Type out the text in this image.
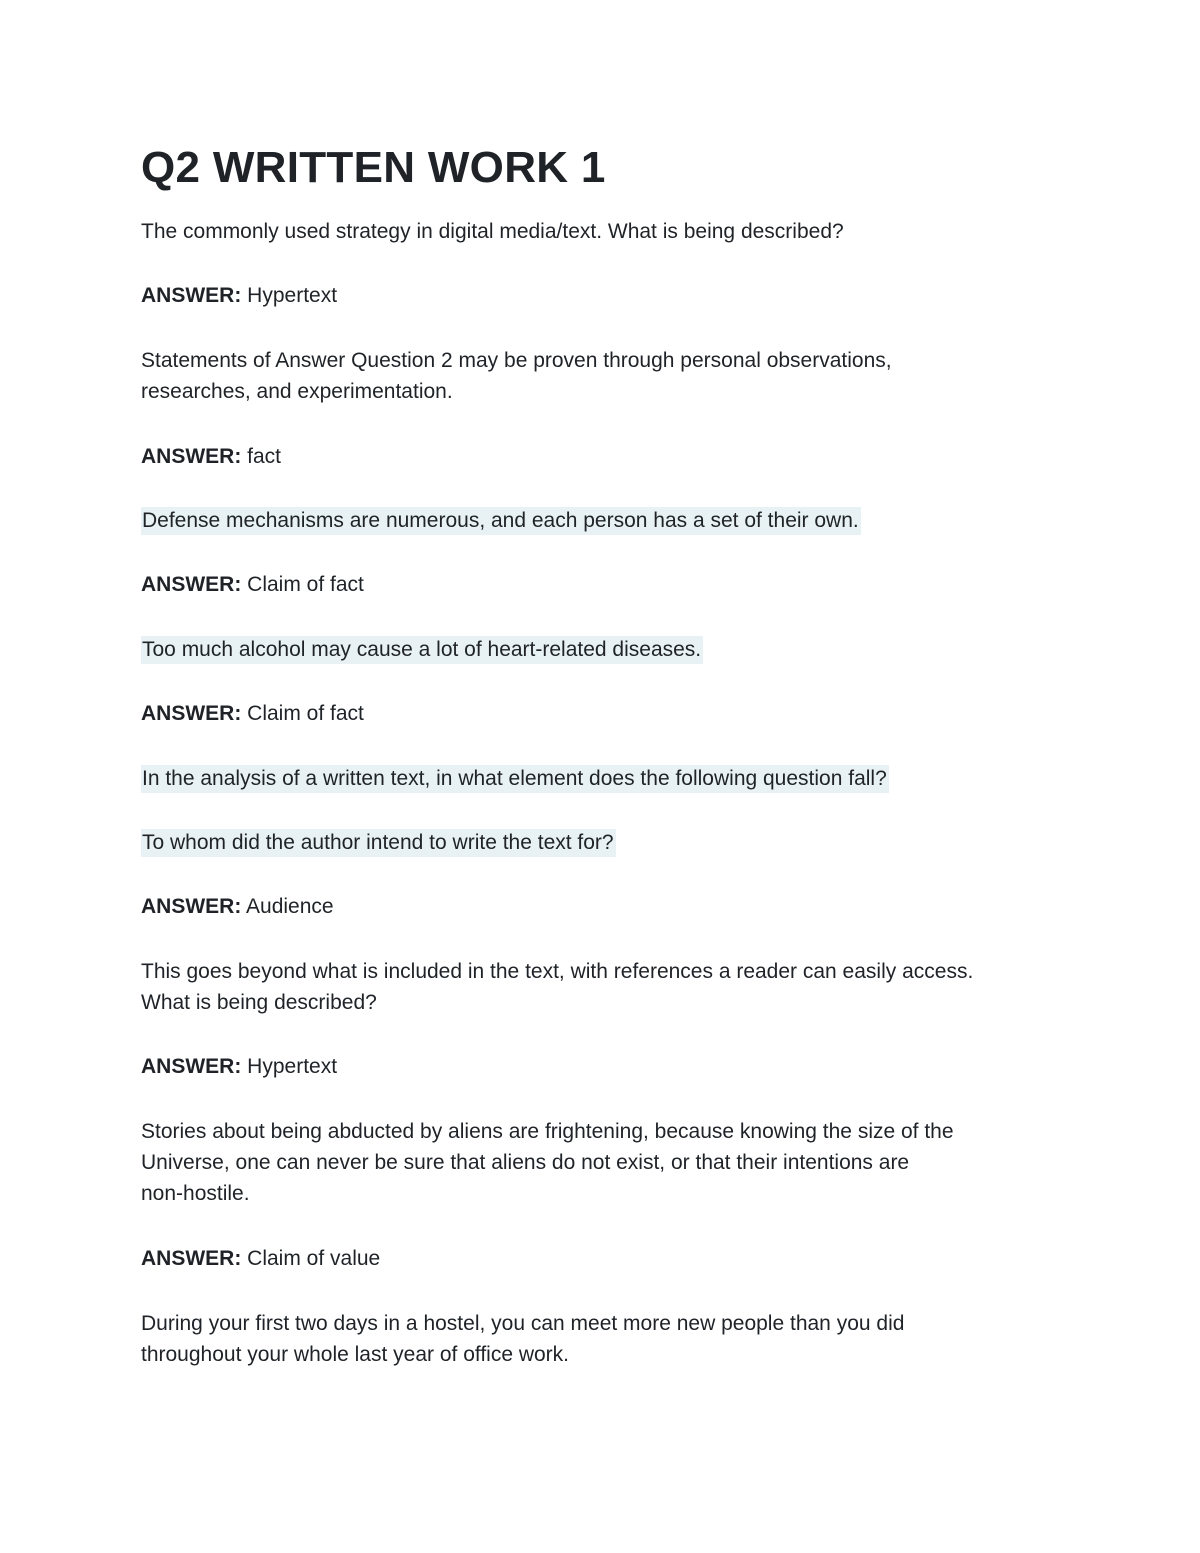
Q2 WRITTEN WORK 1

The commonly used strategy in digital media/text. What is being described?

ANSWER: Hypertext

Statements of Answer Question 2 may be proven through personal observations,

researches, and experimentation.

ANSWER: fact

Defense mechanisms are numerous, and each person has a set of their own.

ANSWER: Claim of fact

Too much alcohol may cause a lot of heart-related diseases.

ANSWER: Claim of fact

In the analysis of a written text, in what element does the following question fall?

To whom did the author intend to write the text for?

ANSWER: Audience

This goes beyond what is included in the text, with references a reader can easily access.

What is being described?

ANSWER: Hypertext

Stories about being abducted by aliens are frightening, because knowing the size of the

Universe, one can never be sure that aliens do not exist, or that their intentions are

non-hostile.

ANSWER: Claim of value

During your first two days in a hostel, you can meet more new people than you did

throughout your whole last year of office work.
